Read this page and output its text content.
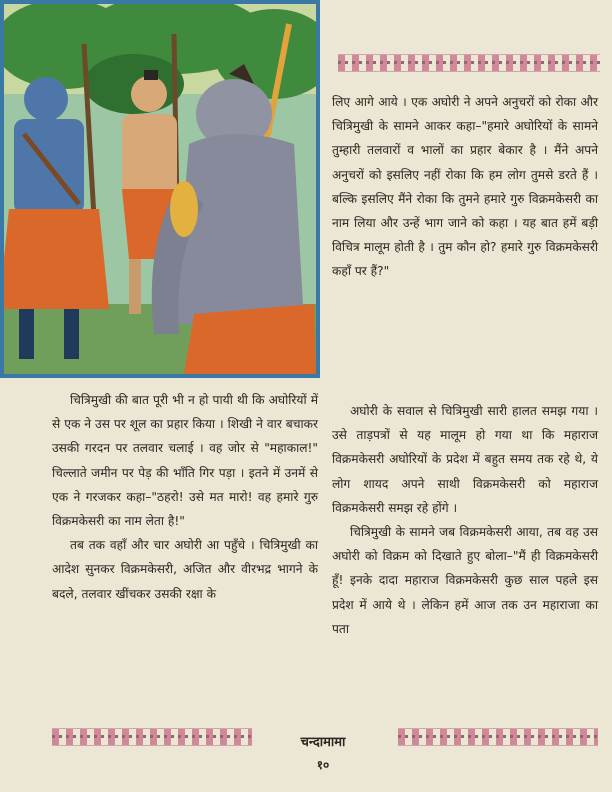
लिए आगे आये । एक अघोरी ने अपने अनुचरों को रोका और चित्रिमुखी के सामने आकर कहा–"हमारे अघोरियों के सामने तुम्हारी तलवारों व भालों का प्रहार बेकार है । मैंने अपने अनुचरों को इसलिए नहीं रोका कि हम लोग तुमसे डरते हैं । बल्कि इसलिए मैंने रोका कि तुमने हमारे गुरु विक्रमकेसरी का नाम लिया और उन्हें भाग जाने को कहा । यह बात हमें बड़ी विचित्र मालूम होती है । तुम कौन हो? हमारे गुरु विक्रमकेसरी कहाँ पर हैं?"

अघोरी के सवाल से चित्रिमुखी सारी हालत समझ गया । उसे ताड़पत्रों से यह मालूम हो गया था कि महाराज विक्रमकेसरी अघोरियों के प्रदेश में बहुत समय तक रहे थे, ये लोग शायद अपने साथी विक्रमकेसरी को महाराज विक्रमकेसरी समझ रहे होंगे ।

चित्रिमुखी के सामने जब विक्रमकेसरी आया, तब वह उस अघोरी को विक्रम को दिखाते हुए बोला–"मैं ही विक्रमकेसरी हूँ! इनके दादा महाराज विक्रमकेसरी कुछ साल पहले इस प्रदेश में आये थे । लेकिन हमें आज तक उन महाराजा का पता

चित्रिमुखी की बात पूरी भी न हो पायी थी कि अघोरियों में से एक ने उस पर शूल का प्रहार किया । शिखी ने वार बचाकर उसकी गरदन पर तलवार चलाई । वह जोर से "महाकाल!" चिल्लाते जमीन पर पेड़ की भाँति गिर पड़ा । इतने में उनमें से एक ने गरजकर कहा–"ठहरो! उसे मत मारो! वह हमारे गुरु विक्रमकेसरी का नाम लेता है!"

तब तक वहाँ और चार अघोरी आ पहुँचे । चित्रिमुखी का आदेश सुनकर विक्रमकेसरी, अजित और वीरभद्र भागने के बदले, तलवार खींचकर उसकी रक्षा के

चन्दामामा
१०
